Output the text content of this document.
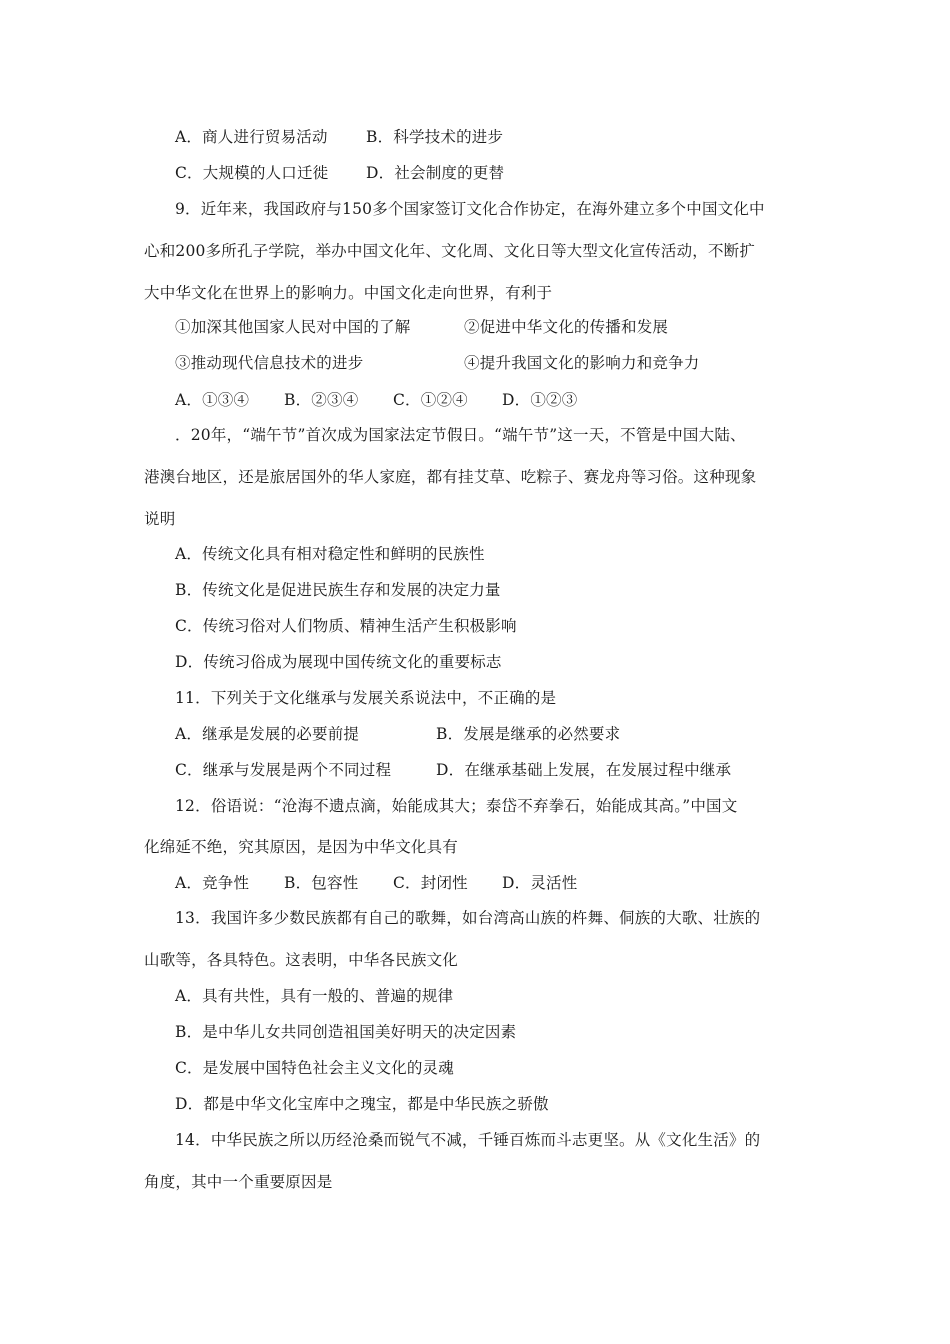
A．商人进行贸易活动 B．科学技术的进步
C．大规模的人口迁徙 D．社会制度的更替
9．近年来，我国政府与150多个国家签订文化合作协定，在海外建立多个中国文化中
心和200多所孔子学院，举办中国文化年、文化周、文化日等大型文化宣传活动，不断扩
大中华文化在世界上的影响力。中国文化走向世界，有利于
①加深其他国家人民对中国的了解	②促进中华文化的传播和发展
③推动现代信息技术的进步	④提升我国文化的影响力和竞争力
A．①③④ B．②③④ C．①②④ D．①②③
．20年，“端午节”首次成为国家法定节假日。“端午节”这一天，不管是中国大陆、
港澳台地区，还是旅居国外的华人家庭，都有挂艾草、吃粽子、赛龙舟等习俗。这种现象
说明
A．传统文化具有相对稳定性和鲜明的民族性
B．传统文化是促进民族生存和发展的决定力量
C．传统习俗对人们物质、精神生活产生积极影响
D．传统习俗成为展现中国传统文化的重要标志
11．下列关于文化继承与发展关系说法中，不正确的是
A．继承是发展的必要前提	B．发展是继承的必然要求
C．继承与发展是两个不同过程	D．在继承基础上发展，在发展过程中继承
12．俗语说：“沧海不遗点滴，始能成其大；泰岱不弃拳石，始能成其高。”中国文
化绵延不绝，究其原因，是因为中华文化具有
A．竞争性 B．包容性 C．封闭性 D．灵活性
13．我国许多少数民族都有自己的歌舞，如台湾高山族的杵舞、侗族的大歌、壮族的
山歌等，各具特色。这表明，中华各民族文化
A．具有共性，具有一般的、普遍的规律
B．是中华儿女共同创造祖国美好明天的决定因素
C．是发展中国特色社会主义文化的灵魂
D．都是中华文化宝库中之瑰宝，都是中华民族之骄傲
14．中华民族之所以历经沧桑而锐气不减，千锤百炼而斗志更坚。从《文化生活》的
角度，其中一个重要原因是
